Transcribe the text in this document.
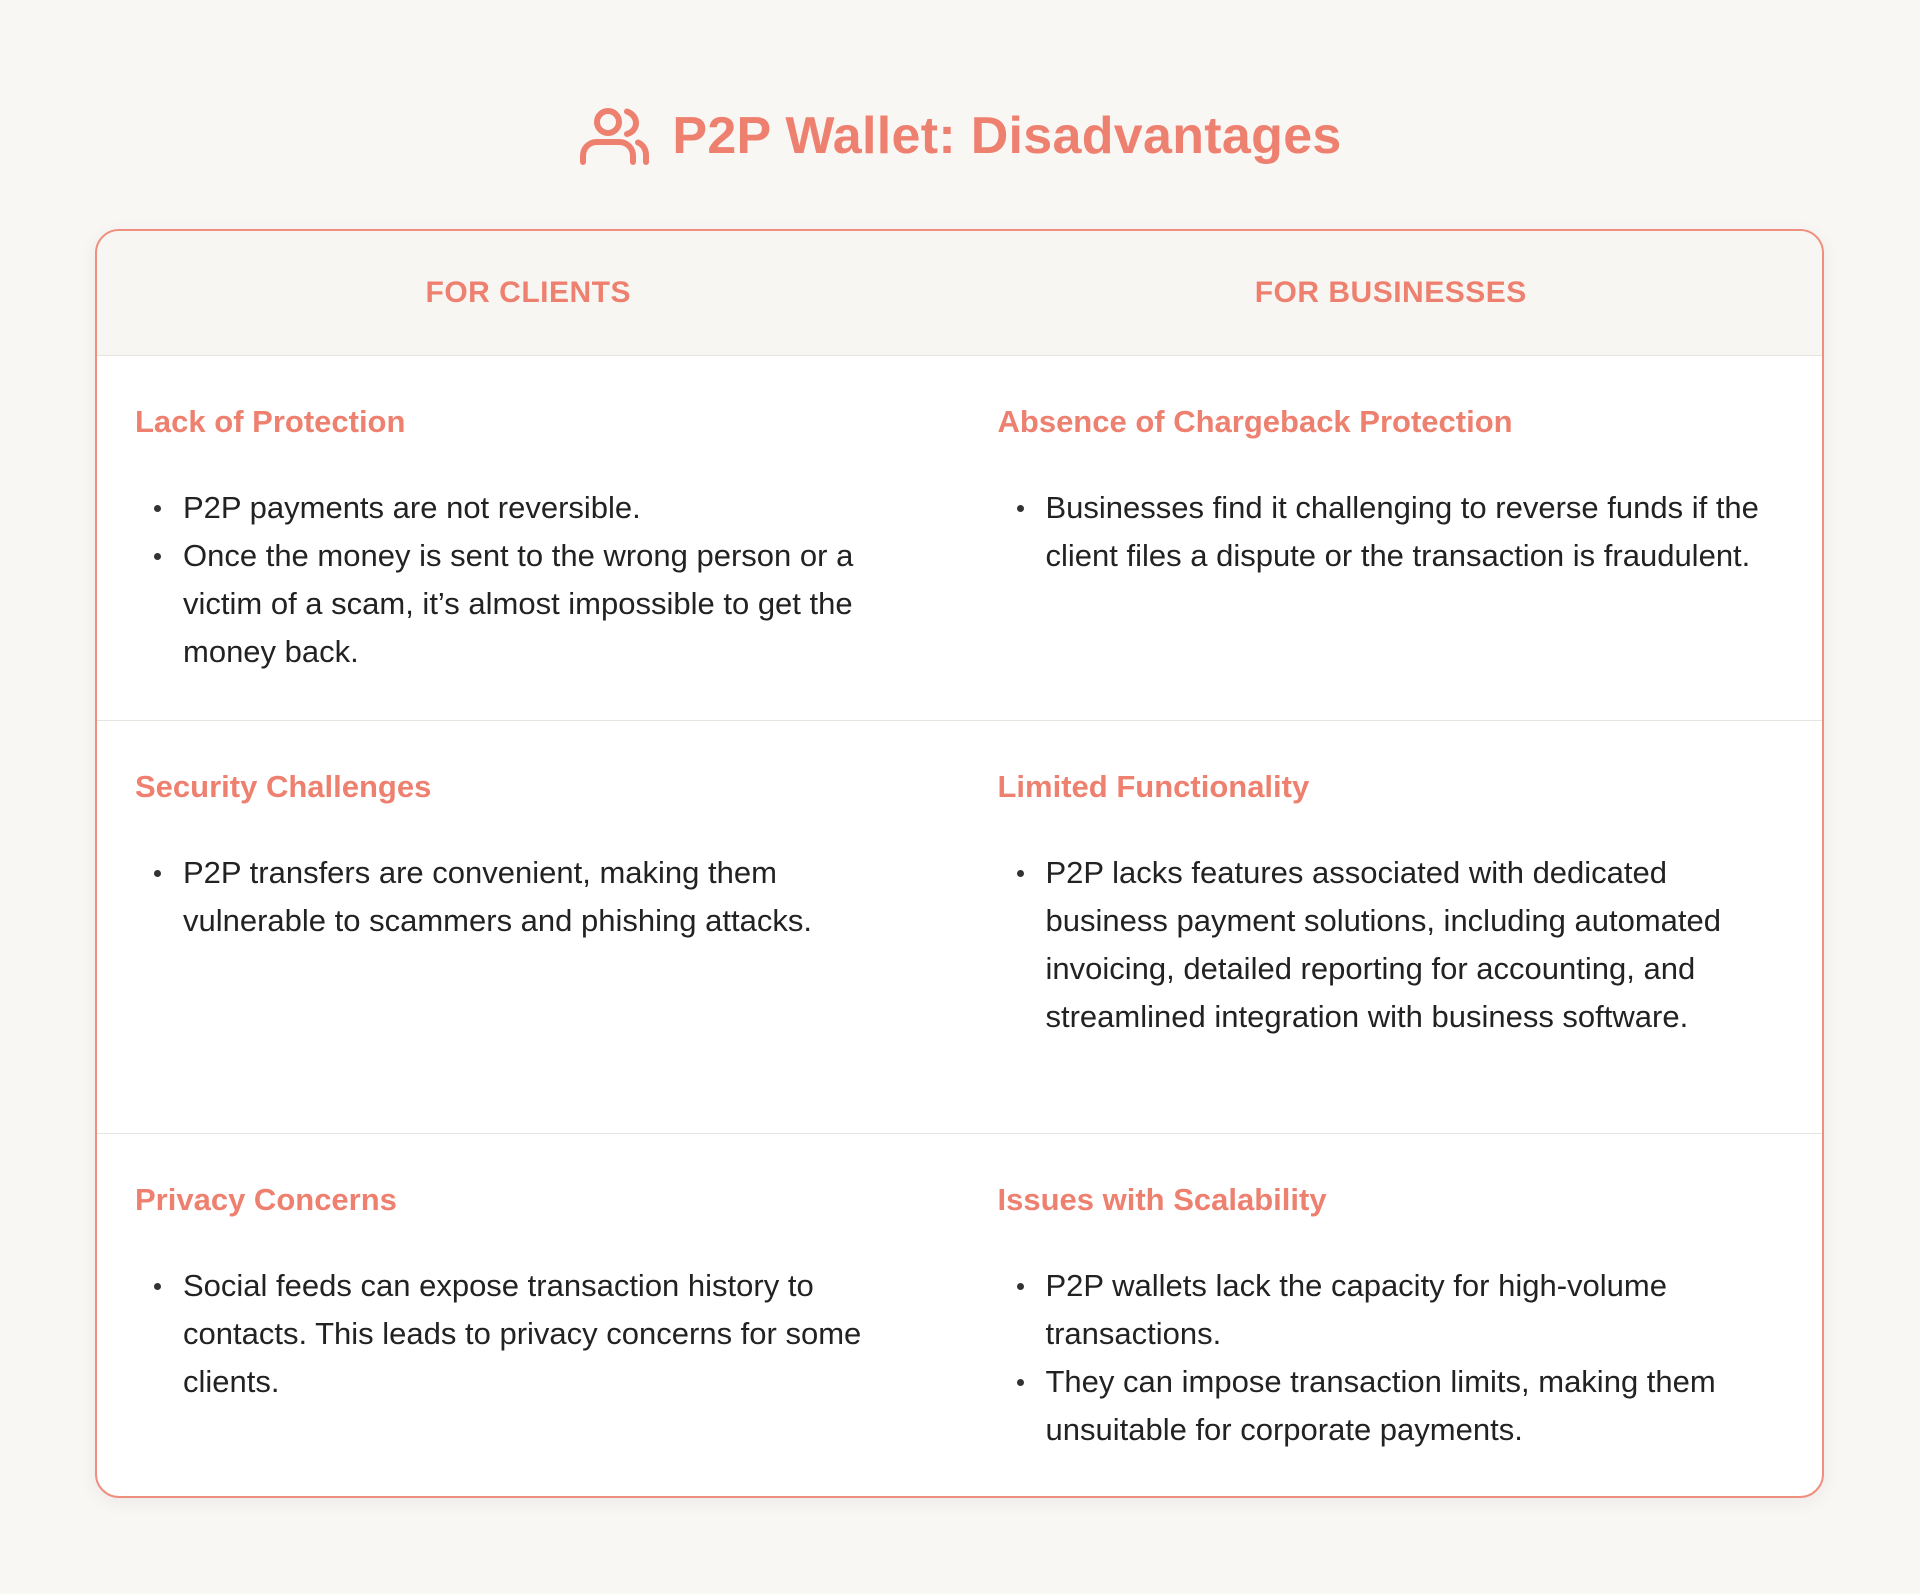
P2P Wallet: Disadvantages
FOR CLIENTS	FOR BUSINESSES
Lack of Protection
P2P payments are not reversible.
Once the money is sent to the wrong person or a victim of a scam, it’s almost impossible to get the money back.
Absence of Chargeback Protection
Businesses find it challenging to reverse funds if the client files a dispute or the transaction is fraudulent.
Security Challenges
P2P transfers are convenient, making them vulnerable to scammers and phishing attacks.
Limited Functionality
P2P lacks features associated with dedicated business payment solutions, including automated invoicing, detailed reporting for accounting, and streamlined integration with business software.
Privacy Concerns
Social feeds can expose transaction history to contacts. This leads to privacy concerns for some clients.
Issues with Scalability
P2P wallets lack the capacity for high-volume transactions.
They can impose transaction limits, making them unsuitable for corporate payments.
